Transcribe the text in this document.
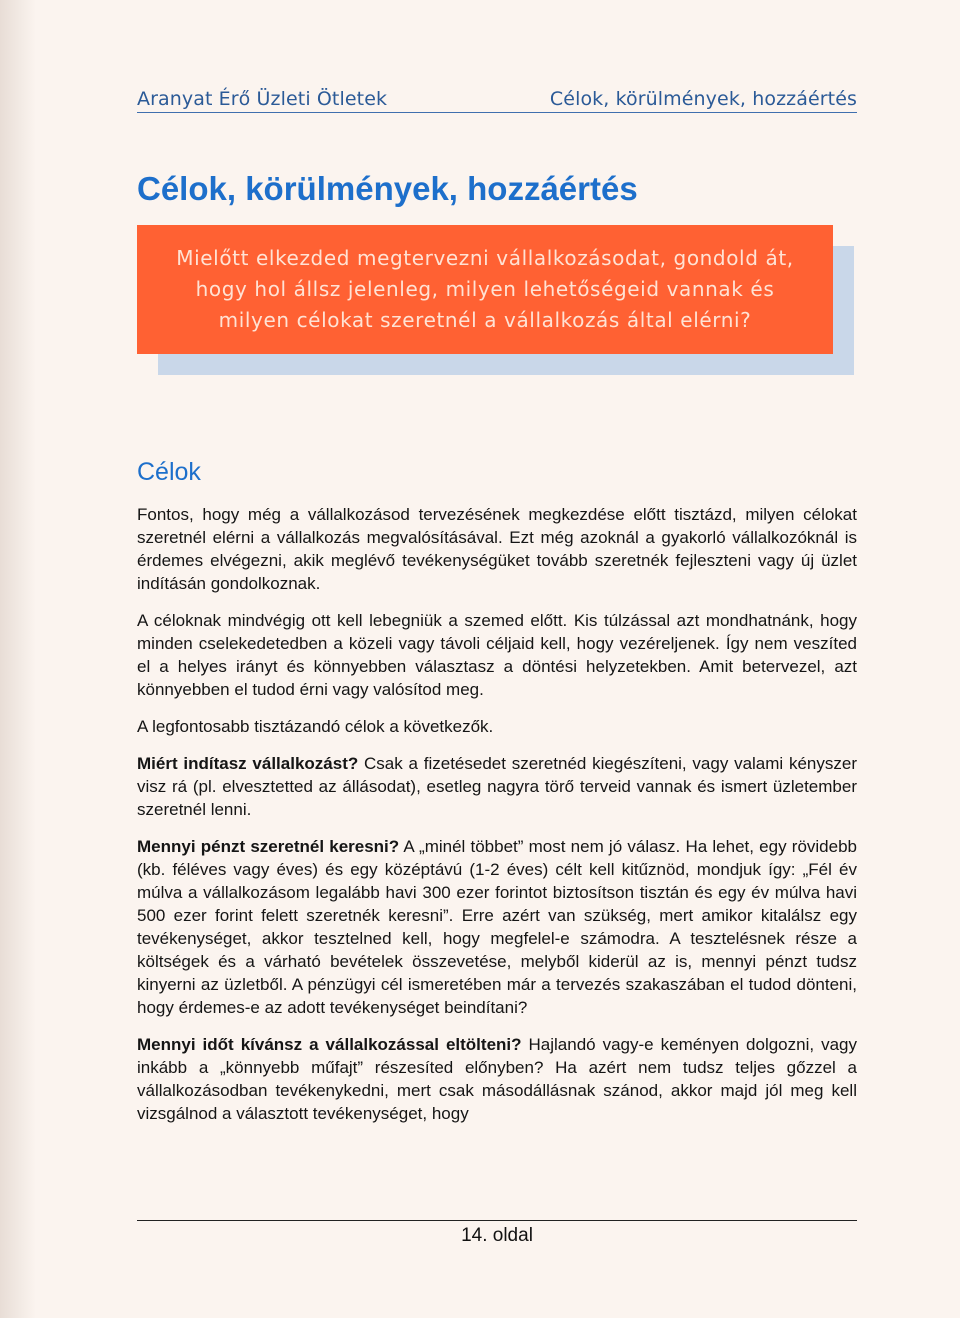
Aranyat Érő Üzleti Ötletek	Célok, körülmények, hozzáértés
Célok, körülmények, hozzáértés

Mielőtt elkezded megtervezni vállalkozásodat, gondold át,
hogy hol állsz jelenleg, milyen lehetőségeid vannak és
milyen célokat szeretnél a vállalkozás által elérni?

Célok

Fontos, hogy még a vállalkozásod tervezésének megkezdése előtt tisztázd, milyen célokat szeretnél elérni a vállalkozás megvalósításával. Ezt még azoknál a gyakorló vállalkozóknál is érdemes elvégezni, akik meglévő tevékenységüket tovább szeretnék fejleszteni vagy új üzlet indításán gondolkoznak.

A céloknak mindvégig ott kell lebegniük a szemed előtt. Kis túlzással azt mondhatnánk, hogy minden cselekedetedben a közeli vagy távoli céljaid kell, hogy vezéreljenek. Így nem veszíted el a helyes irányt és könnyebben választasz a döntési helyzetekben. Amit betervezel, azt könnyebben el tudod érni vagy valósítod meg.

A legfontosabb tisztázandó célok a következők.

Miért indítasz vállalkozást? Csak a fizetésedet szeretnéd kiegészíteni, vagy valami kényszer visz rá (pl. elvesztetted az állásodat), esetleg nagyra törő terveid vannak és ismert üzletember szeretnél lenni.

Mennyi pénzt szeretnél keresni? A „minél többet” most nem jó válasz. Ha lehet, egy rövidebb (kb. féléves vagy éves) és egy középtávú (1-2 éves) célt kell kitűznöd, mondjuk így: „Fél év múlva a vállalkozásom legalább havi 300 ezer forintot biztosítson tisztán és egy év múlva havi 500 ezer forint felett szeretnék keresni”. Erre azért van szükség, mert amikor kitalálsz egy tevékenységet, akkor tesztelned kell, hogy megfelel-e számodra. A tesztelésnek része a költségek és a várható bevételek összevetése, melyből kiderül az is, mennyi pénzt tudsz kinyerni az üzletből. A pénzügyi cél ismeretében már a tervezés szakaszában el tudod dönteni, hogy érdemes-e az adott tevékenységet beindítani?

Mennyi időt kívánsz a vállalkozással eltölteni? Hajlandó vagy-e keményen dolgozni, vagy inkább a „könnyebb műfajt” részesíted előnyben? Ha azért nem tudsz teljes gőzzel a vállalkozásodban tevékenykedni, mert csak másodállásnak szánod, akkor majd jól meg kell vizsgálnod a választott tevékenységet, hogy

14. oldal
